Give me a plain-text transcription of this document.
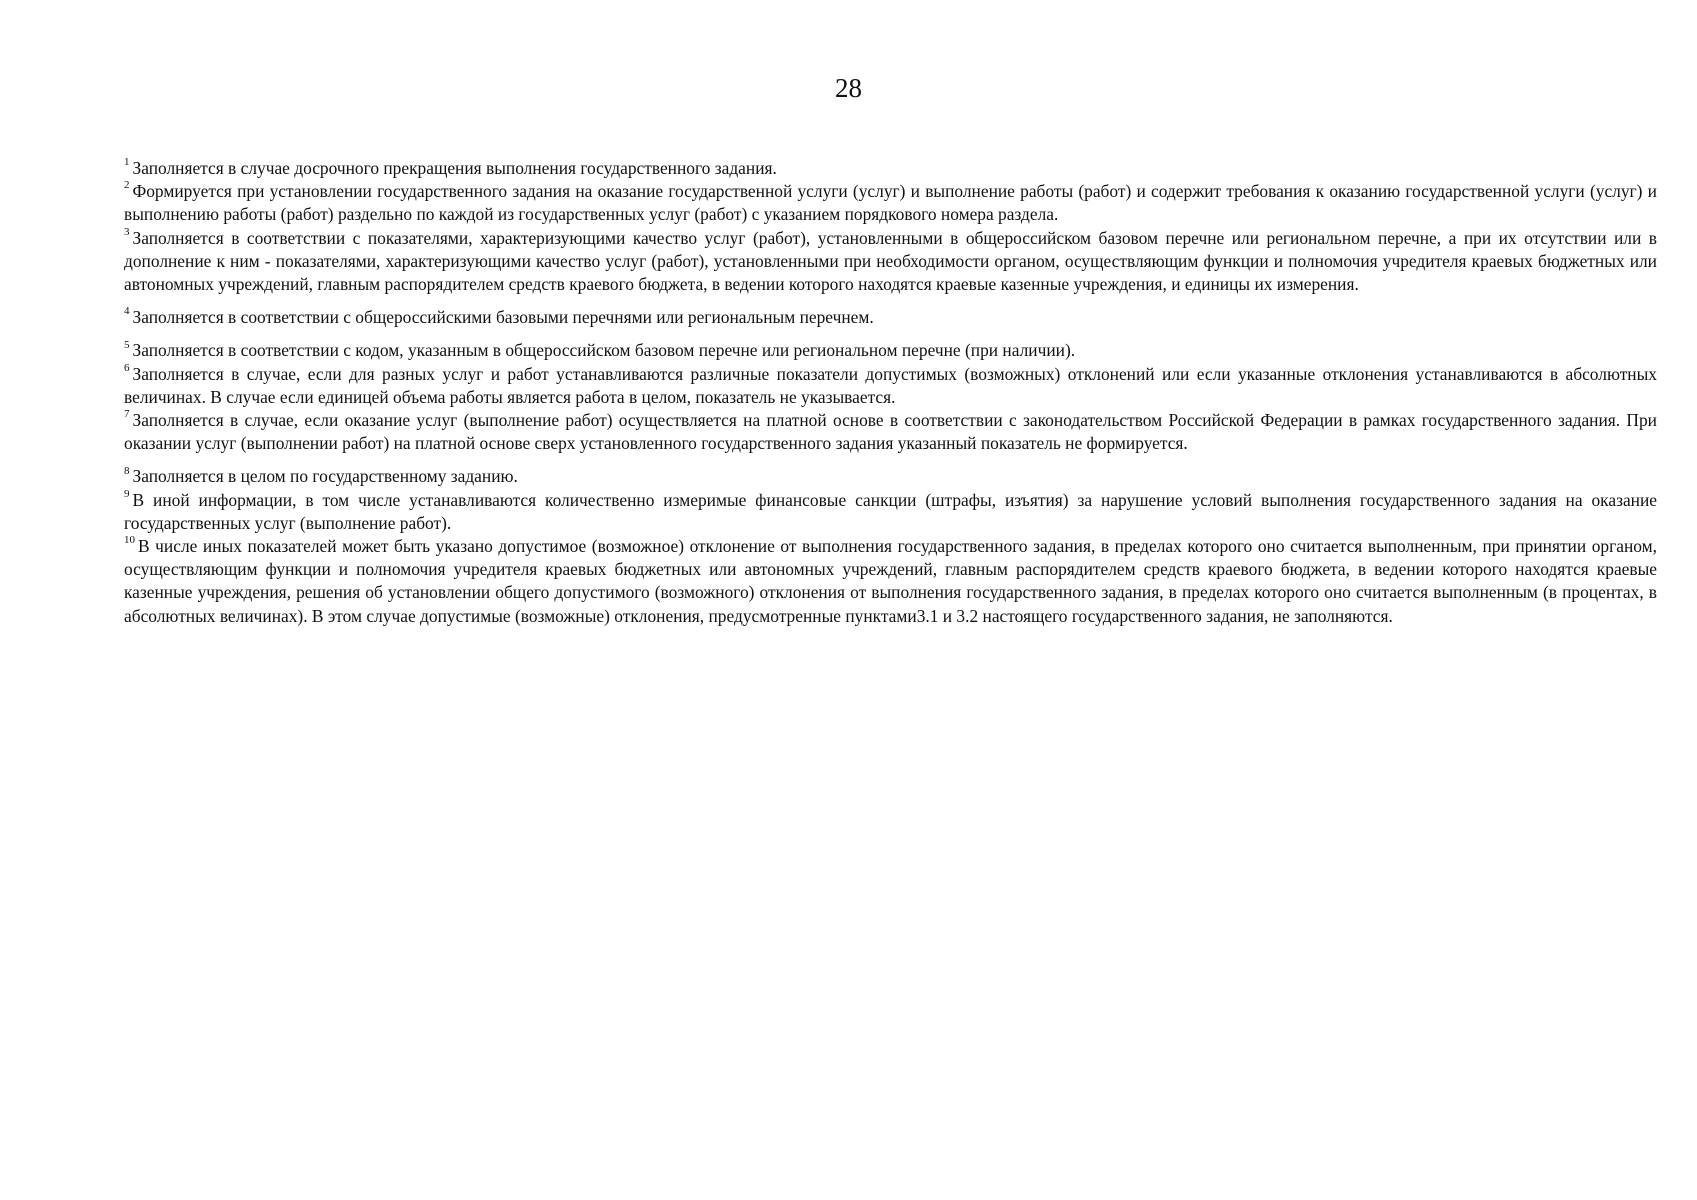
28

$^1$ Заполняется в случае досрочного прекращения выполнения государственного задания.

$^2$ Формируется при установлении государственного задания на оказание государственной услуги (услуг) и выполнение работы (работ) и содержит требования к оказанию государственной услуги (услуг) и выполнению работы (работ) раздельно по каждой из государственных услуг (работ) с указанием порядкового номера раздела.

$^3$ Заполняется в соответствии с показателями, характеризующими качество услуг (работ), установленными в общероссийском базовом перечне или региональном перечне, а при их отсутствии или в дополнение к ним - показателями, характеризующими качество услуг (работ), установленными при необходимости органом, осуществляющим функции и полномочия учредителя краевых бюджетных или автономных учреждений, главным распорядителем средств краевого бюджета, в ведении которого находятся краевые казенные учреждения, и единицы их измерения.

$^4$ Заполняется в соответствии с общероссийскими базовыми перечнями или региональным перечнем.

$^5$ Заполняется в соответствии с кодом, указанным в общероссийском базовом перечне или региональном перечне (при наличии).

$^6$ Заполняется в случае, если для разных услуг и работ устанавливаются различные показатели допустимых (возможных) отклонений или если указанные отклонения устанавливаются в абсолютных величинах. В случае если единицей объема работы является работа в целом, показатель не указывается.

$^7$ Заполняется в случае, если оказание услуг (выполнение работ) осуществляется на платной основе в соответствии с законодательством Российской Федерации в рамках государственного задания. При оказании услуг (выполнении работ) на платной основе сверх установленного государственного задания указанный показатель не формируется.

$^8$ Заполняется в целом по государственному заданию.

$^9$ В иной информации, в том числе устанавливаются количественно измеримые финансовые санкции (штрафы, изъятия) за нарушение условий выполнения государственного задания на оказание государственных услуг (выполнение работ).

$^{10}$ В числе иных показателей может быть указано допустимое (возможное) отклонение от выполнения государственного задания, в пределах которого оно считается выполненным, при принятии органом, осуществляющим функции и полномочия учредителя краевых бюджетных или автономных учреждений, главным распорядителем средств краевого бюджета, в ведении которого находятся краевые казенные учреждения, решения об установлении общего допустимого (возможного) отклонения от выполнения государственного задания, в пределах которого оно считается выполненным (в процентах, в абсолютных величинах). В этом случае допустимые (возможные) отклонения, предусмотренные пунктами3.1 и 3.2 настоящего государственного задания, не заполняются.
